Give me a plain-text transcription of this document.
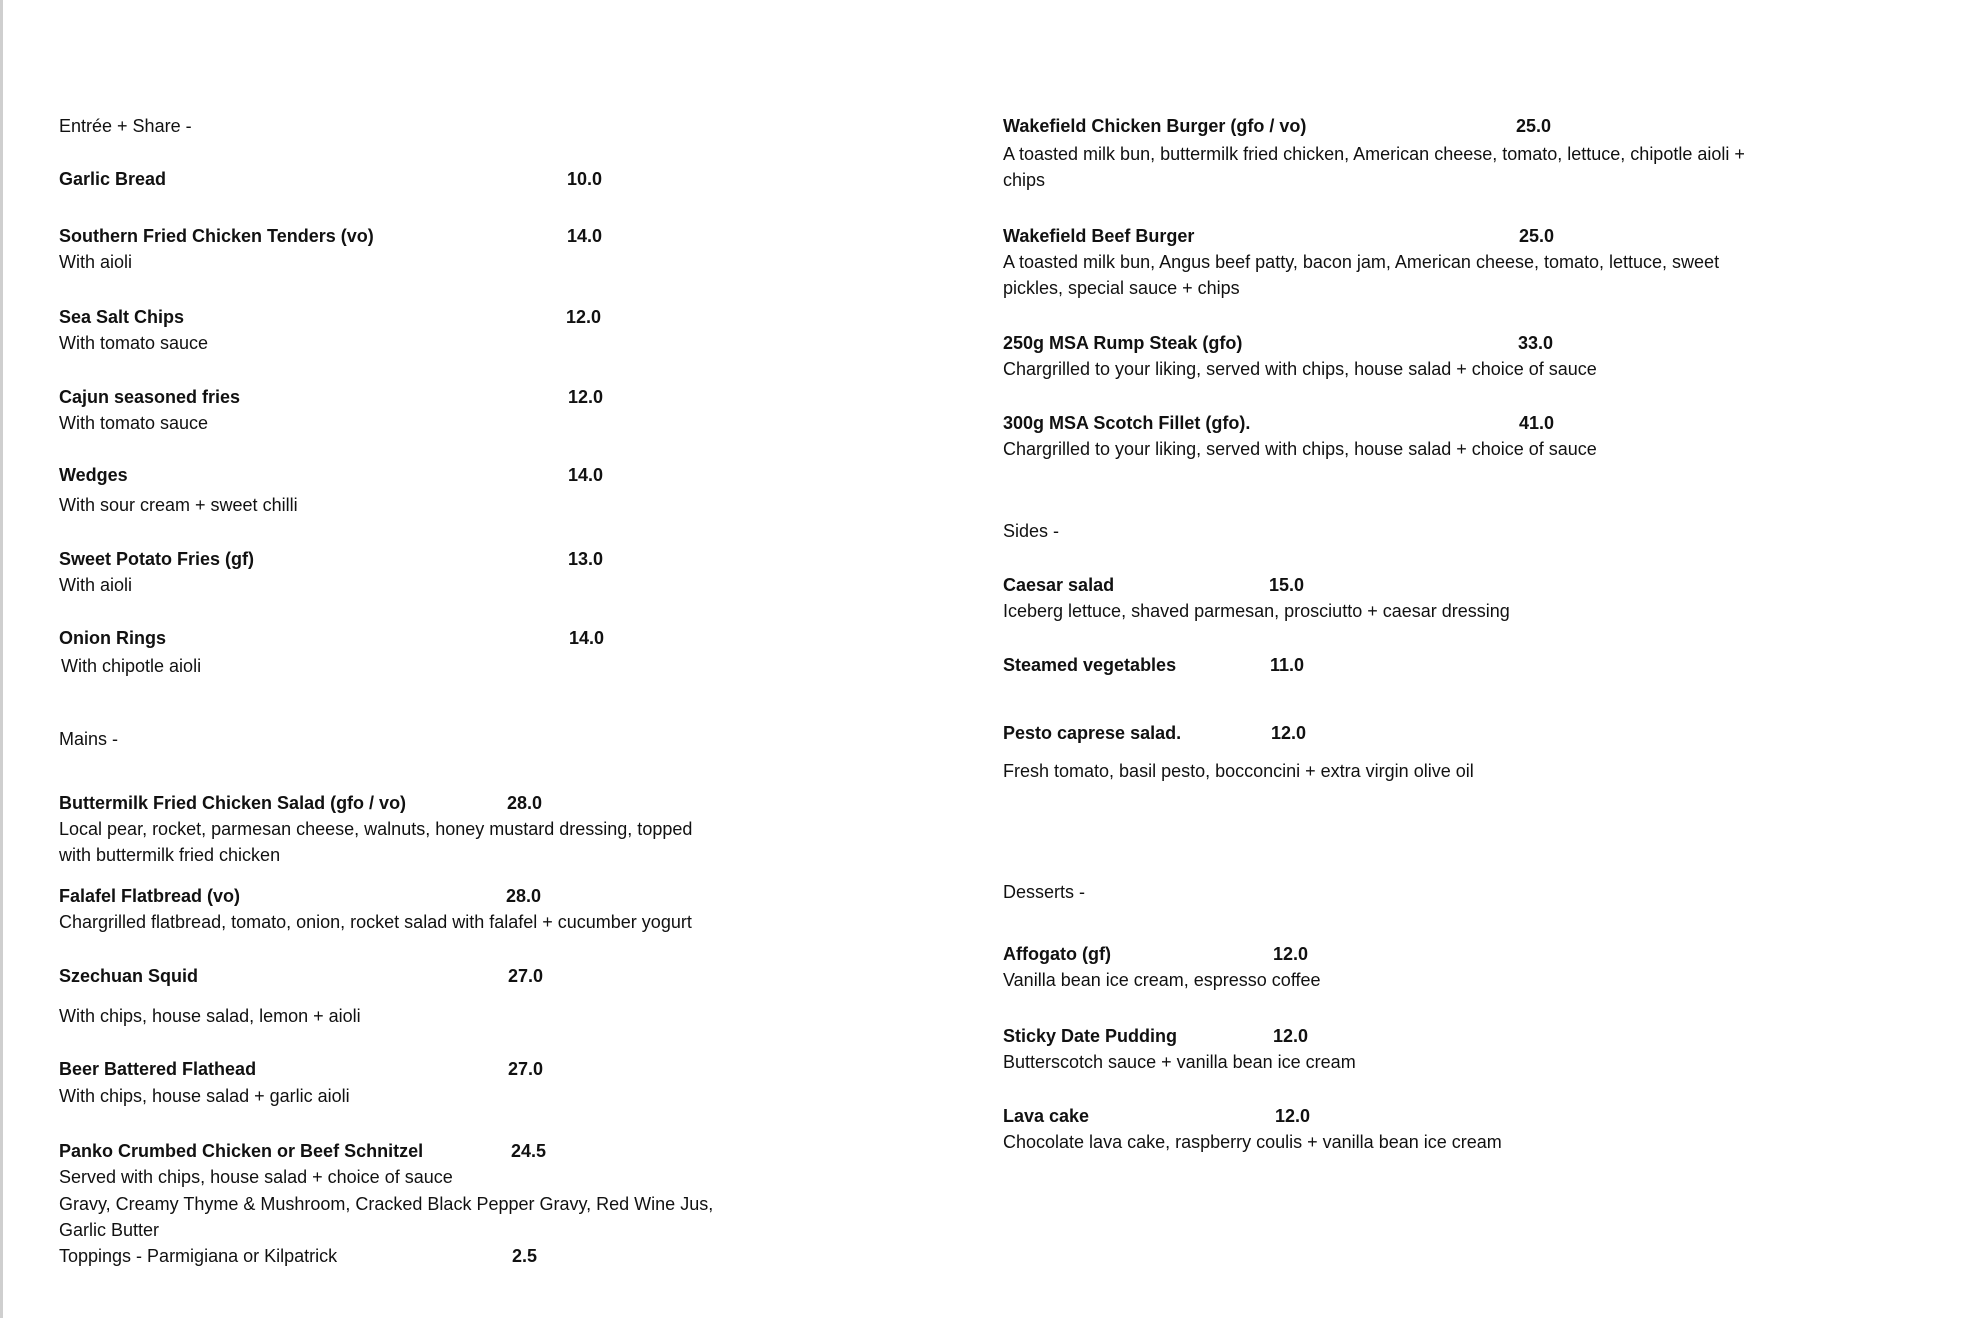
Entrée + Share -
Garlic Bread	10.0
Southern Fried Chicken Tenders (vo)	14.0
With aioli
Sea Salt Chips	12.0
With tomato sauce
Cajun seasoned fries	12.0
With tomato sauce
Wedges	14.0
With sour cream + sweet chilli
Sweet Potato Fries (gf)	13.0
With aioli
Onion Rings	14.0
With chipotle aioli
Mains -
Buttermilk Fried Chicken Salad (gfo / vo)	28.0
Local pear, rocket, parmesan cheese, walnuts, honey mustard dressing, topped
with buttermilk fried chicken
Falafel Flatbread (vo)	28.0
Chargrilled flatbread, tomato, onion, rocket salad with falafel + cucumber yogurt
Szechuan Squid	27.0
With chips, house salad, lemon + aioli
Beer Battered Flathead	27.0
With chips, house salad + garlic aioli
Panko Crumbed Chicken or Beef Schnitzel	24.5
Served with chips, house salad + choice of sauce
Gravy, Creamy Thyme & Mushroom, Cracked Black Pepper Gravy, Red Wine Jus,
Garlic Butter
Toppings - Parmigiana or Kilpatrick	2.5
Wakefield Chicken Burger (gfo / vo)	25.0
A toasted milk bun, buttermilk fried chicken, American cheese, tomato, lettuce, chipotle aioli +
chips
Wakefield Beef Burger	25.0
A toasted milk bun, Angus beef patty, bacon jam, American cheese, tomato, lettuce, sweet
pickles, special sauce + chips
250g MSA Rump Steak (gfo)	33.0
Chargrilled to your liking, served with chips, house salad + choice of sauce
300g MSA Scotch Fillet (gfo).	41.0
Chargrilled to your liking, served with chips, house salad + choice of sauce
Sides -
Caesar salad	15.0
Iceberg lettuce, shaved parmesan, prosciutto + caesar dressing
Steamed vegetables	11.0
Pesto caprese salad.	12.0
Fresh tomato, basil pesto, bocconcini + extra virgin olive oil
Desserts -
Affogato (gf)	12.0
Vanilla bean ice cream, espresso coffee
Sticky Date Pudding	12.0
Butterscotch sauce + vanilla bean ice cream
Lava cake	12.0
Chocolate lava cake, raspberry coulis + vanilla bean ice cream
